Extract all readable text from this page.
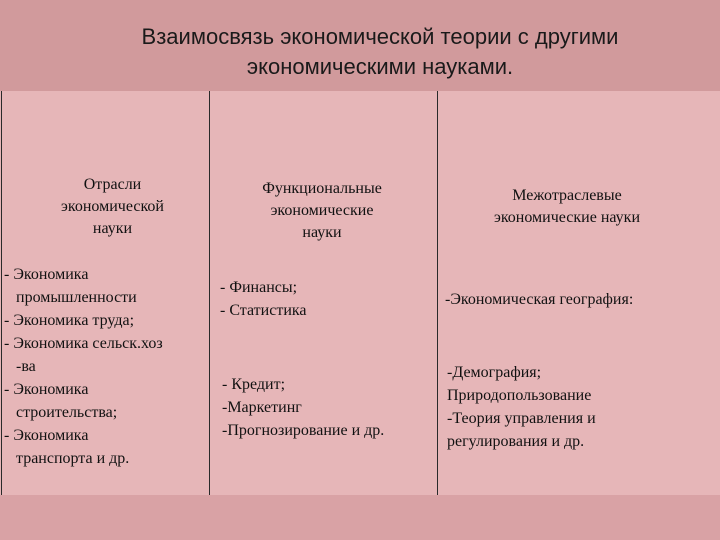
Взаимосвязь экономической теории с другими
экономическими науками.
Отрасли
экономической
науки
Функциональные
экономические
науки
Межотраслевые
экономические науки
- Экономика
промышленности
- Экономика труда;
- Экономика сельск.хоз
-ва
- Экономика
строительства;
- Экономика
транспорта и др.
- Финансы;
- Статистика
- Кредит;
-Маркетинг
-Прогнозирование и др.
-Экономическая география:
-Демография;
Природопользование
-Теория управления и
регулирования и др.
